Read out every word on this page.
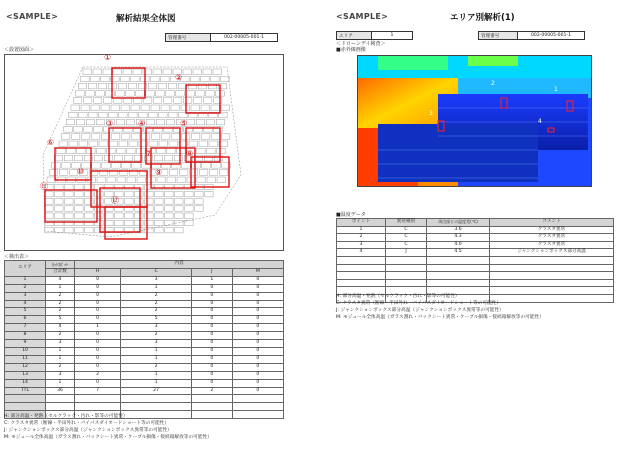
<SAMPLE>	解析結果全体図
管理番号	002-00005-001-1
＜設置図面＞
①
②
③	④	⑤
⑥
⑦	⑧
⑨
⑩
⑪
⑫
＜検出表＞
エリア	ﾎｯﾄｽﾎﾟｯﾄ	内容			
	合計数	H	C	J	M
1	4	0	3	1	0
2	1	0	1	0	0
3	2	0	2	0	0
4	2	0	2	0	0
5	2	0	2	0	0
6	5	0	5	0	0
7	4	1	3	0	0
8	2	0	2	0	0
9	3	0	3	0	0
10	1	0	1	0	0
11	1	0	1	0	0
12	2	0	2	0	0
13	3	2	1	0	0
14	1	0	1	0	0
TTL	36	7	27	2	0

H: 部分高温・発熱（セルクラック・汚れ・影等の可能性）
C: クラスタ異常（断線・半田外れ・バイパスダイオードショート等の可能性）
J: ジャンクションボックス部分高温（ジャンクションボックス異常等の可能性）
M: モジュール全体高温（ガラス割れ・バックシート異常・ケーブル損傷・接続箱解放等の可能性）
<SAMPLE>	エリア別解析(1)
エリア	1	管理番号	002-00005-001-1
＜ドローンデイ検査＞
■赤外線画像
1
2
3
4
■温度データ
ポイント	異常種別	周辺部との温度差(℃)	コメント
1	C	3.6	クラスタ異常
2	C	4.3	クラスタ異常
3	C	4.0	クラスタ異常
4	J	4.5	ジャンクションボックス部分高温

H: 部分高温・発熱（セルクラック・汚れ・影等の可能性）
C: クラスタ異常（断線・半田外れ・バイパスダイオードショート等の可能性）
J: ジャンクションボックス部分高温（ジャンクションボックス異常等の可能性）
M: モジュール全体高温（ガラス割れ・バックシート異常・ケーブル損傷・接続箱解放等の可能性）
